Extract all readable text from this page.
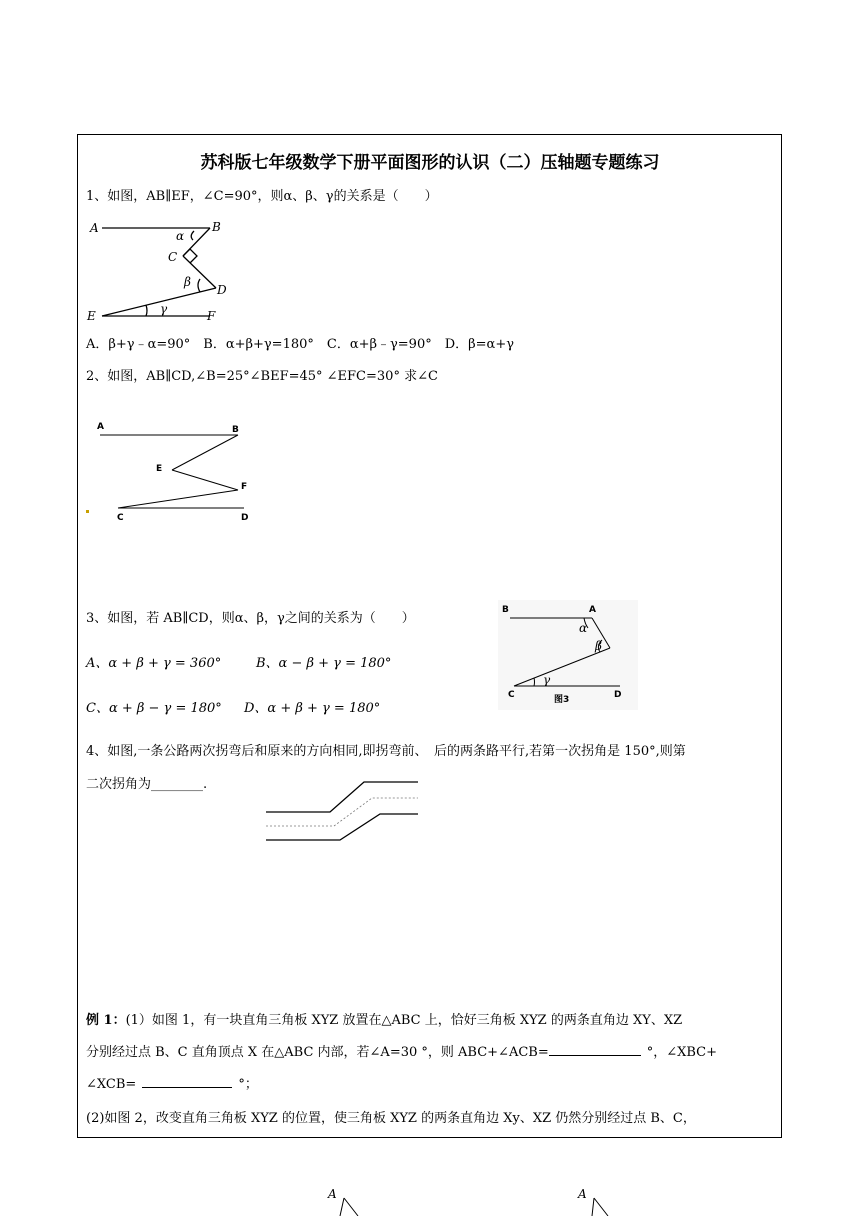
苏科版七年级数学下册平面图形的认识（二）压轴题专题练习
1、如图，AB∥EF，∠C=90°，则α、β、γ的关系是（　　）
A	B
C
D
E	F
α
β
γ
A．β+γ﹣α=90°　B．α+β+γ=180°　C．α+β﹣γ=90°　D．β=α+γ
2、如图，AB∥CD,∠B=25°∠BEF=45° ∠EFC=30° 求∠C
A	B
E
F
C	D
3、如图，若 AB∥CD，则α、β，γ之间的关系为（　　）
A、α + β + γ = 360°	B、α − β + γ = 180°
C、α + β − γ = 180° D、α + β + γ = 180°
B	A
α
β
γ
C	D
图3
4、如图,一条公路两次拐弯后和原来的方向相同,即拐弯前、　后的两条路平行,若第一次拐角是 150°,则第
二次拐角为________.
例 1：(1）如图 1，有一块直角三角板 XYZ 放置在△ABC 上，恰好三角板 XYZ 的两条直角边 XY、XZ
分别经过点 B、C 直角顶点 X 在△ABC 内部，若∠A=30 °，则 ABC+∠ACB=	°，∠XBC+
∠XCB=	°；
(2)如图 2，改变直角三角板 XYZ 的位置，使三角板 XYZ 的两条直角边 Xy、XZ 仍然分别经过点 B、C，
A	A
